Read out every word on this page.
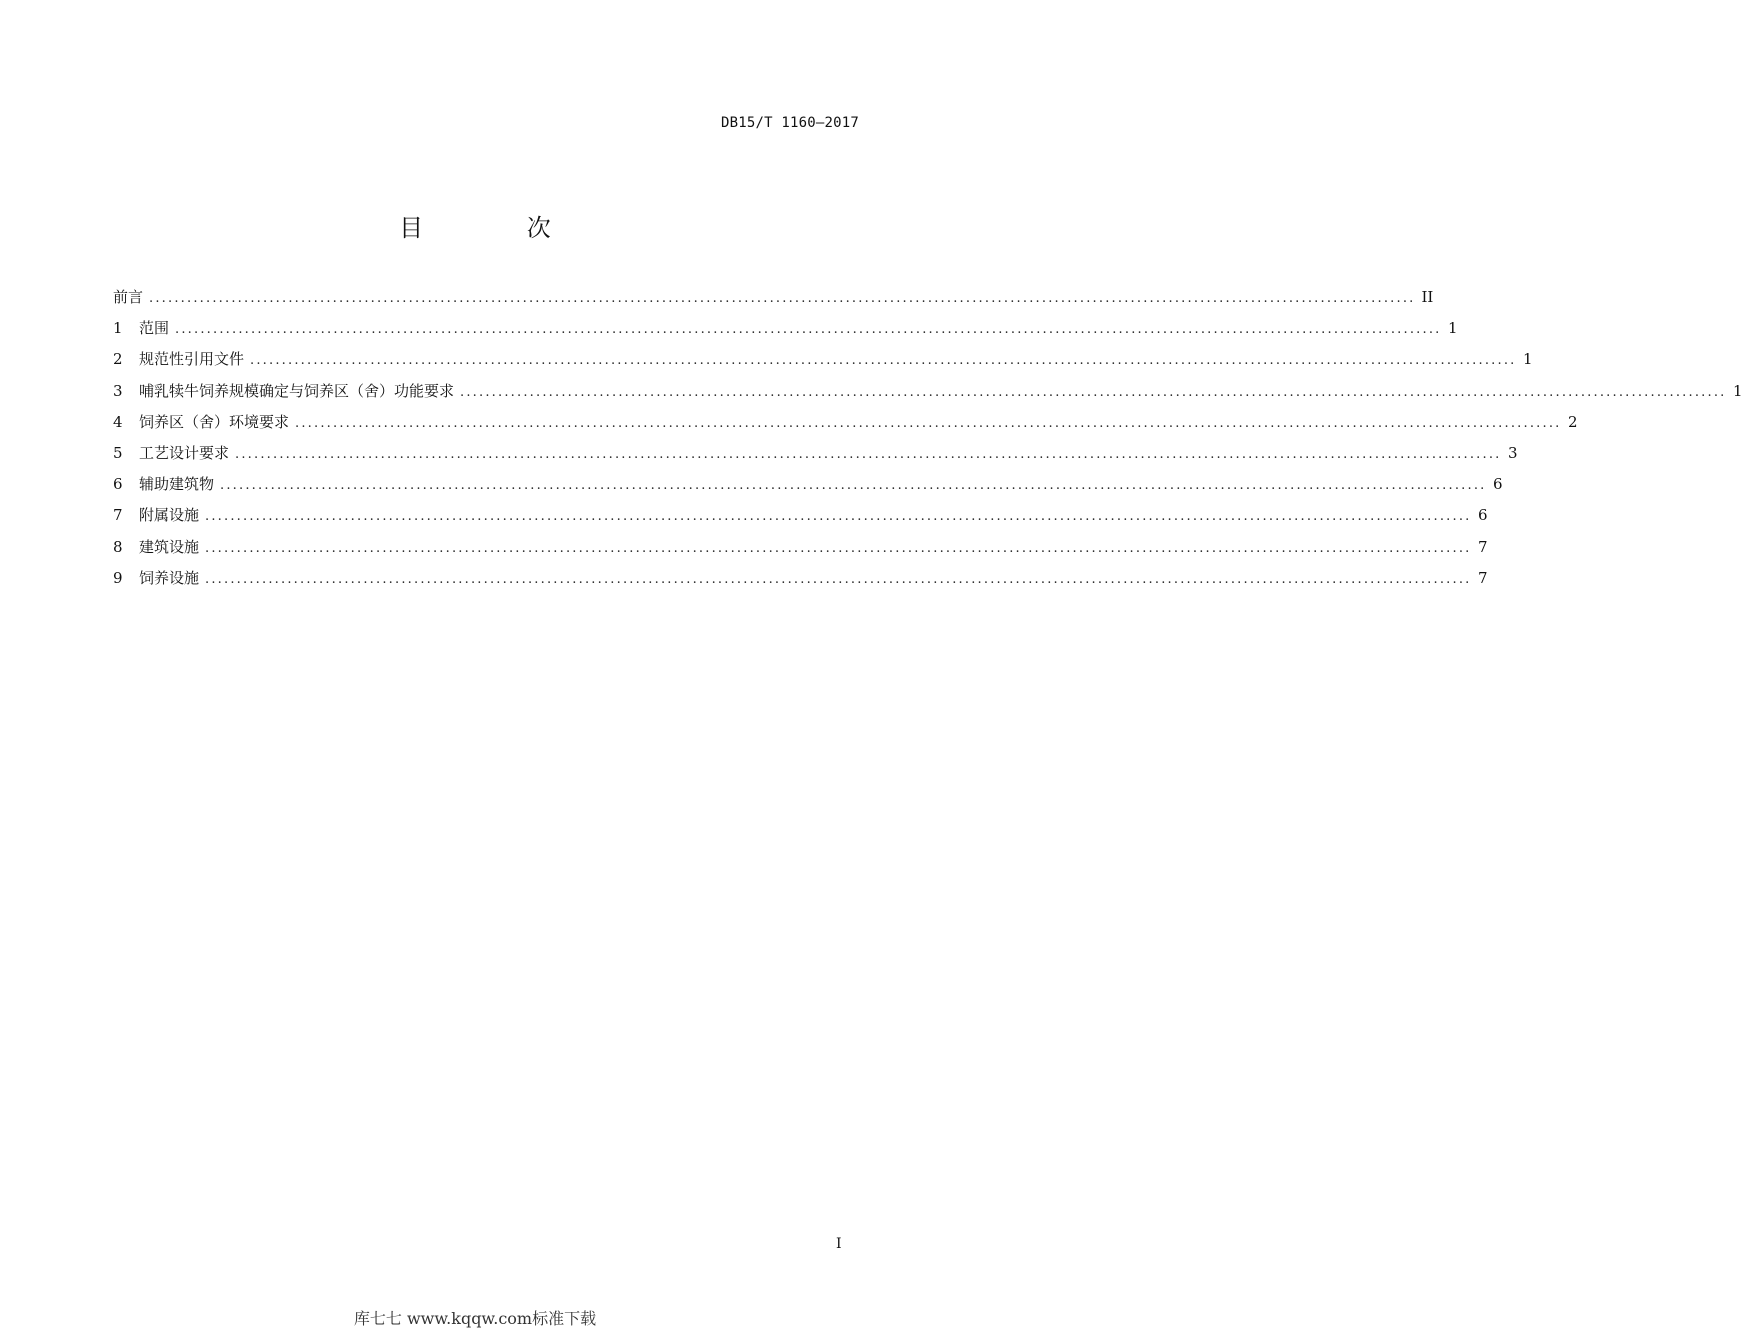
DB15/T 1160—2017
目 次
前言 ........................................................................................................................................................................................................ II
1	范围 ........................................................................................................................................................................................................ 1
2	规范性引用文件 ........................................................................................................................................................................................................ 1
3	哺乳犊牛饲养规模确定与饲养区（舍）功能要求 ........................................................................................................................................................................................................ 1
4	饲养区（舍）环境要求 ........................................................................................................................................................................................................ 2
5	工艺设计要求 ........................................................................................................................................................................................................ 3
6	辅助建筑物 ........................................................................................................................................................................................................ 6
7	附属设施 ........................................................................................................................................................................................................ 6
8	建筑设施 ........................................................................................................................................................................................................ 7
9	饲养设施 ........................................................................................................................................................................................................ 7
I
库七七 www.kqqw.com标准下载
